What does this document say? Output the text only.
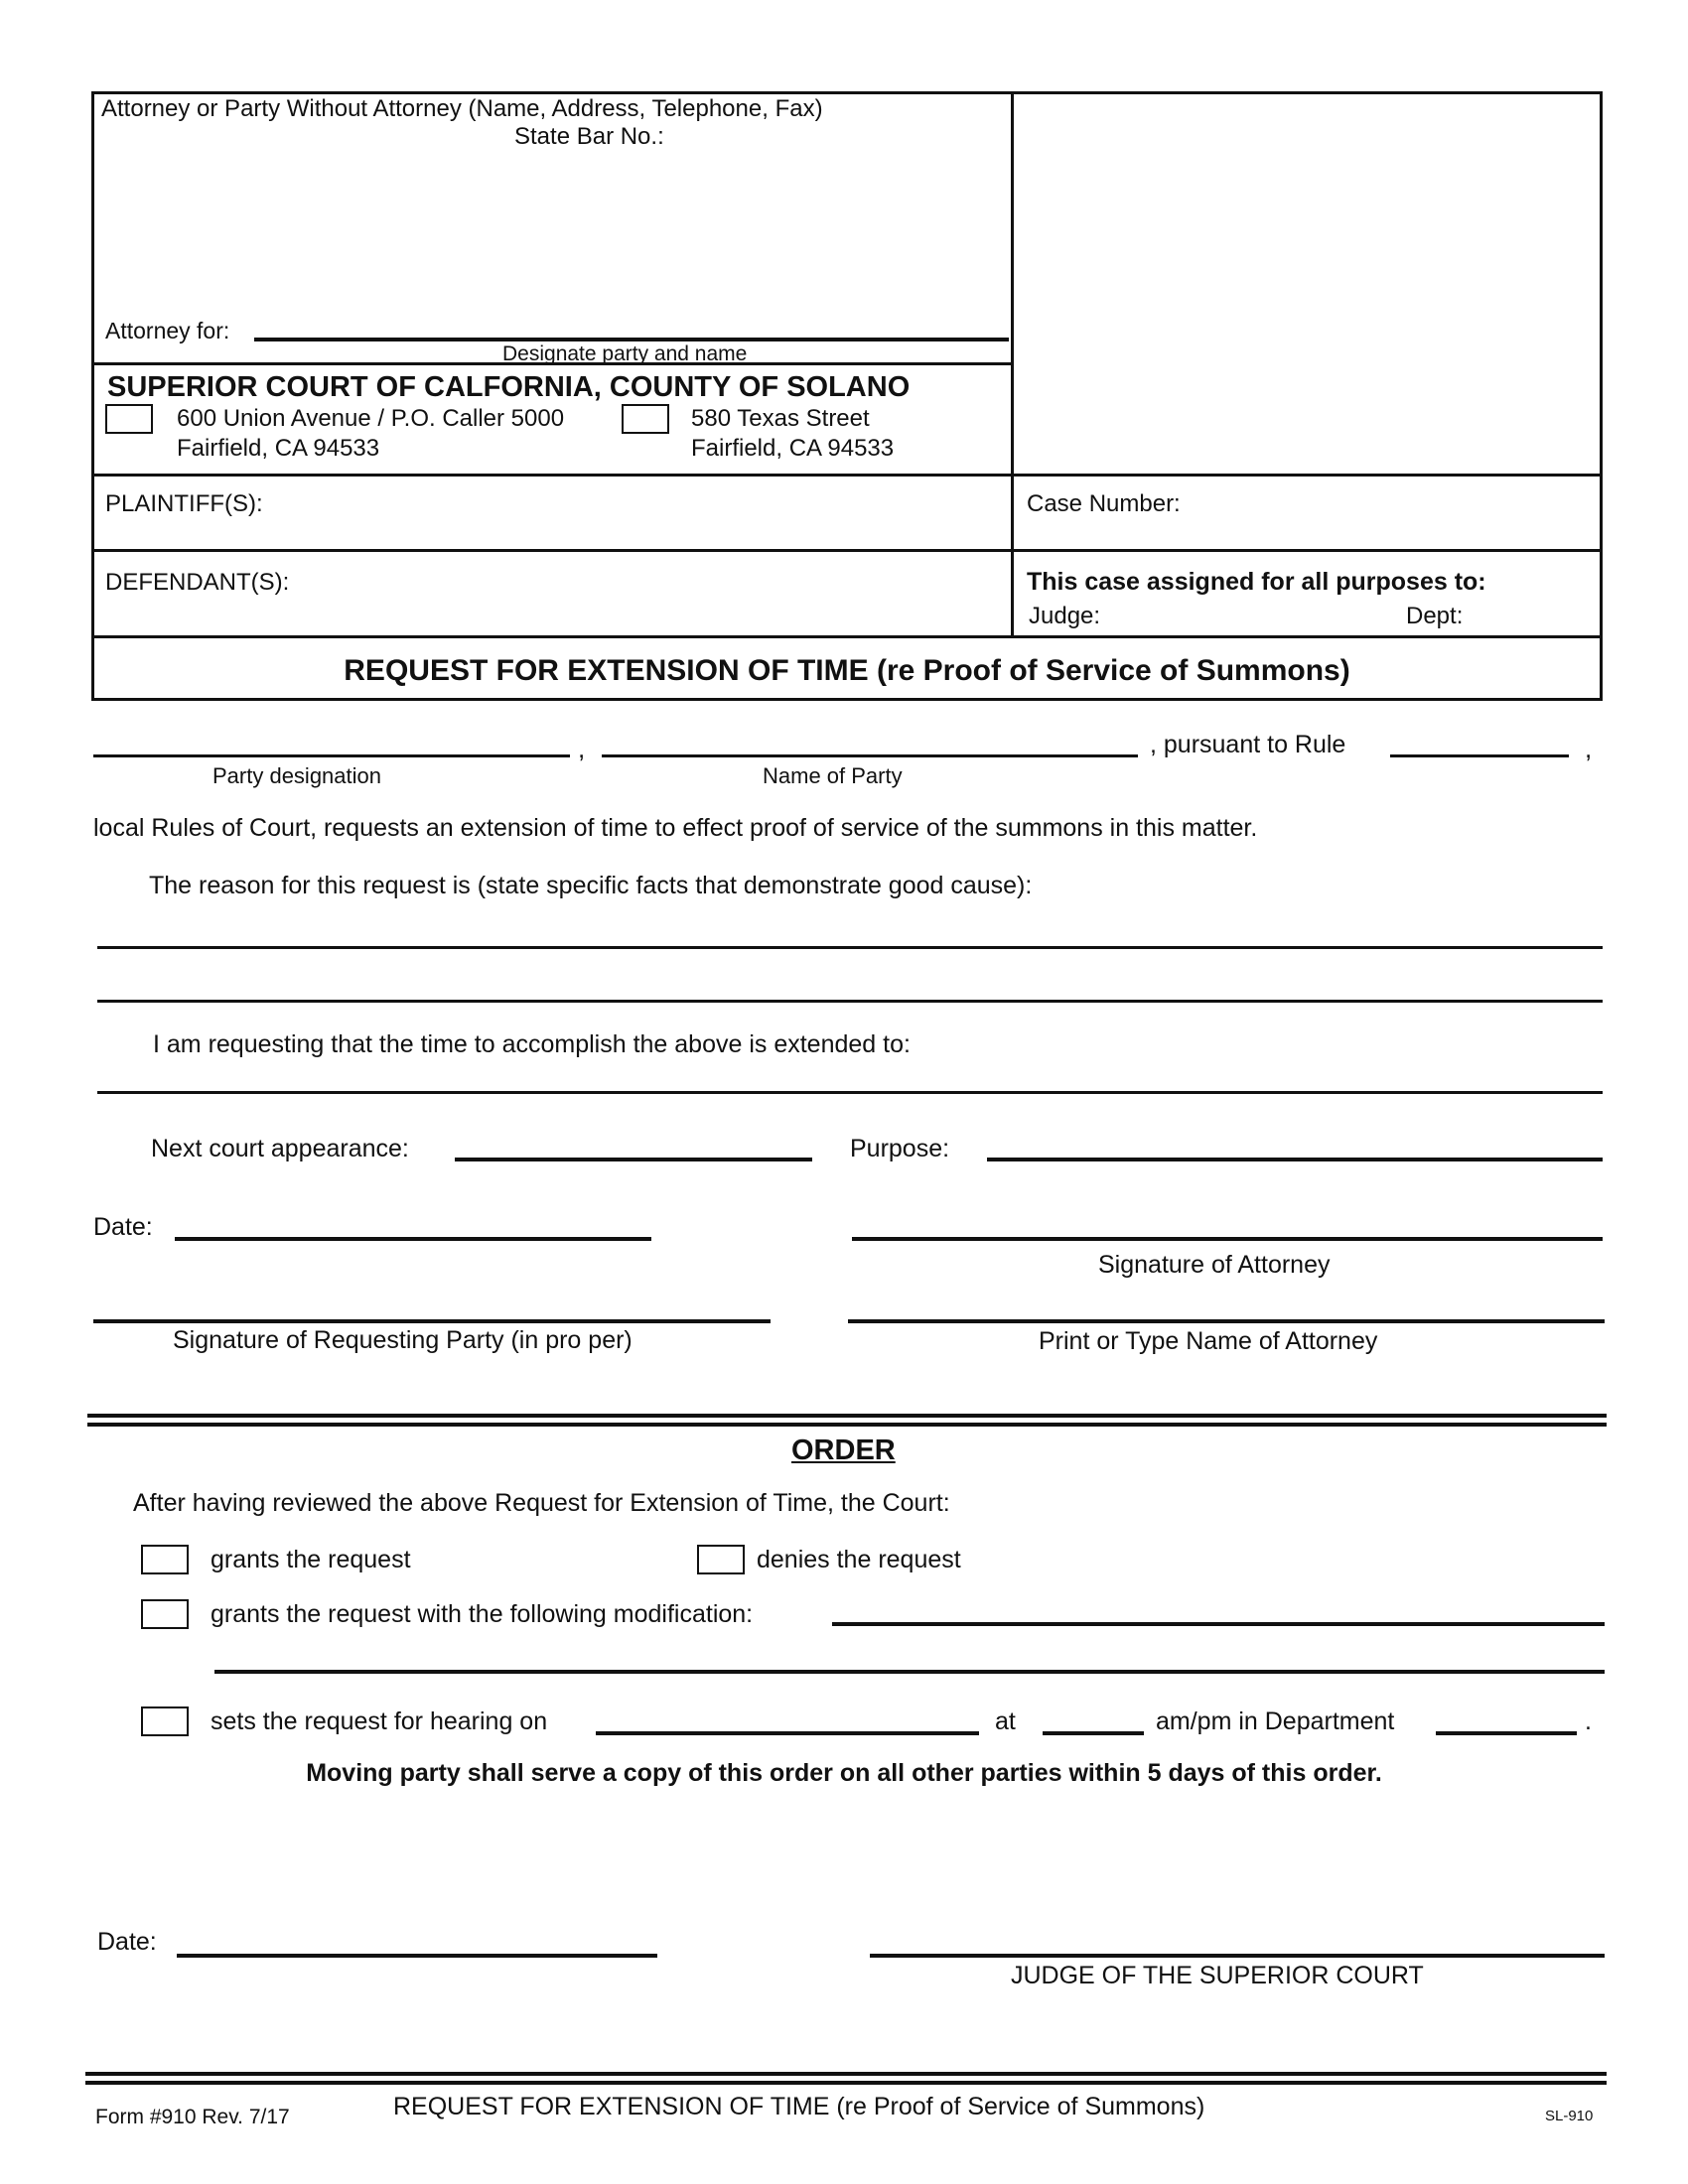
Attorney or Party Without Attorney (Name, Address, Telephone, Fax)
State Bar No.:
Attorney for:
Designate party and name
SUPERIOR COURT OF CALFORNIA, COUNTY OF SOLANO
600 Union Avenue / P.O. Caller 5000
Fairfield, CA 94533
580 Texas Street
Fairfield, CA 94533
PLAINTIFF(S):
DEFENDANT(S):
Case Number:
This case assigned for all purposes to:
Judge:	Dept:
REQUEST FOR EXTENSION OF TIME (re Proof of Service of Summons)
,	, pursuant to Rule	,
Party designation	Name of Party
local Rules of Court, requests an extension of time to effect proof of service of the summons in this matter.
The reason for this request is (state specific facts that demonstrate good cause):
I am requesting that the time to accomplish the above is extended to:
Next court appearance:	Purpose:
Date:
Signature of Attorney
Signature of Requesting Party (in pro per)	Print or Type Name of Attorney
ORDER
After having reviewed the above Request for Extension of Time, the Court:
grants the request	denies the request
grants the request with the following modification:
sets the request for hearing on	at	am/pm in Department	.
Moving party shall serve a copy of this order on all other parties within 5 days of this order.
Date:
JUDGE OF THE SUPERIOR COURT
Form #910 Rev. 7/17	REQUEST FOR EXTENSION OF TIME (re Proof of Service of Summons)	SL-910
